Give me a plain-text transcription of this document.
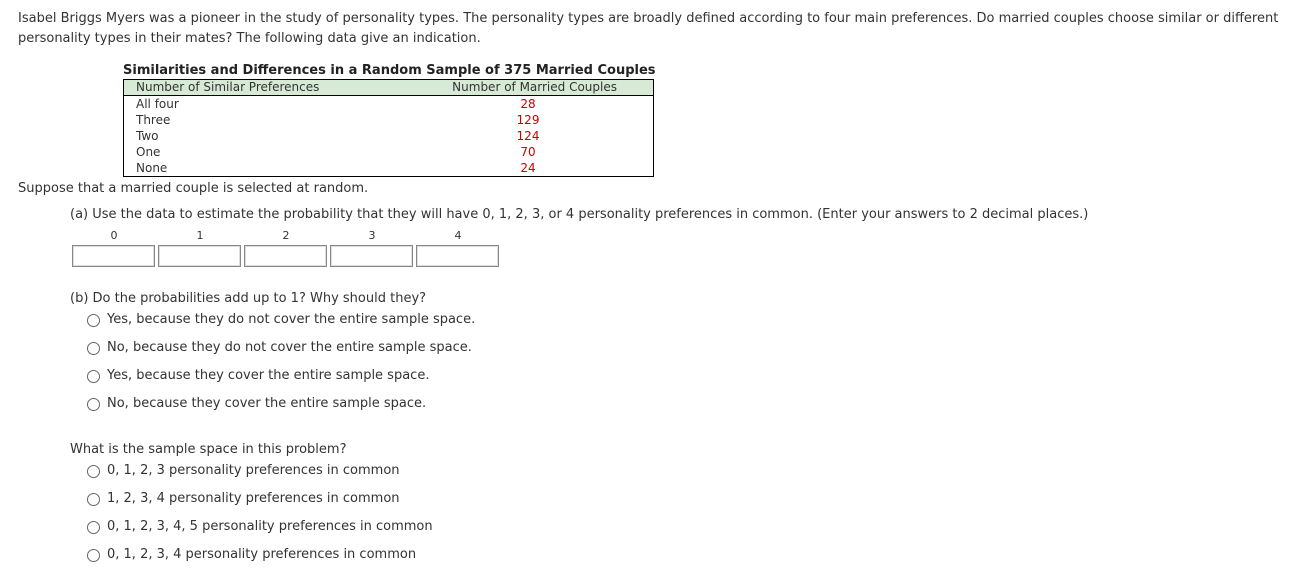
Isabel Briggs Myers was a pioneer in the study of personality types. The personality types are broadly defined according to four main preferences. Do married couples choose similar or different personality types in their mates? The following data give an indication.

Similarities and Differences in a Random Sample of 375 Married Couples

Number of Similar Preferences	Number of Married Couples
All four	28
Three	129
Two	124
One	70
None	24

Suppose that a married couple is selected at random.

(a) Use the data to estimate the probability that they will have 0, 1, 2, 3, or 4 personality preferences in common. (Enter your answers to 2 decimal places.)

0	1	2	3	4

(b) Do the probabilities add up to 1? Why should they?

Yes, because they do not cover the entire sample space.
No, because they do not cover the entire sample space.
Yes, because they cover the entire sample space.
No, because they cover the entire sample space.

What is the sample space in this problem?

0, 1, 2, 3 personality preferences in common
1, 2, 3, 4 personality preferences in common
0, 1, 2, 3, 4, 5 personality preferences in common
0, 1, 2, 3, 4 personality preferences in common
